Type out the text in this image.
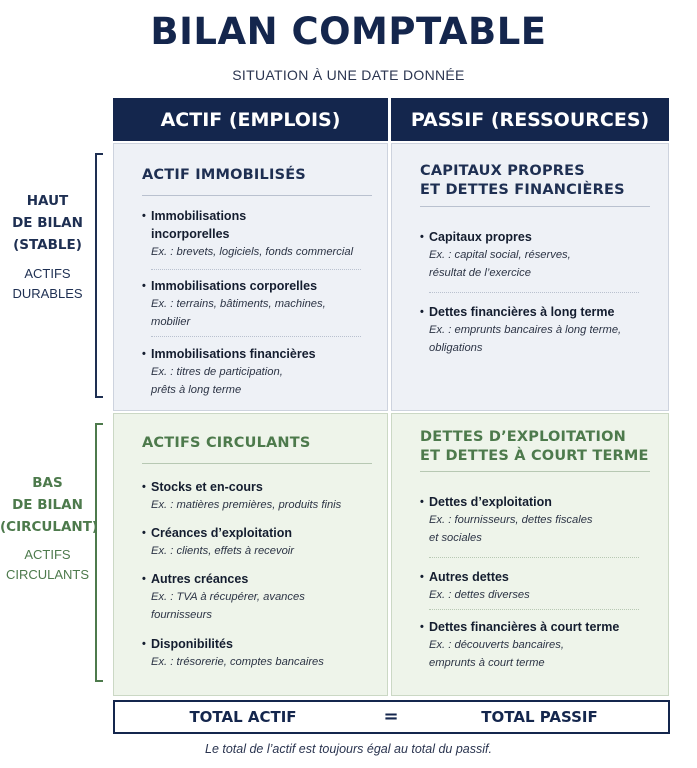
BILAN COMPTABLE
SITUATION À UNE DATE DONNÉE
ACTIF (EMPLOIS)	PASSIF (RESSOURCES)
HAUT
DE BILAN
(STABLE)
ACTIFS
DURABLES
BAS
DE BILAN
(CIRCULANT)
ACTIFS
CIRCULANTS
ACTIF IMMOBILISÉS
• Immobilisations
incorporelles
Ex. : brevets, logiciels, fonds commercial
• Immobilisations corporelles
Ex. : terrains, bâtiments, machines,
mobilier
• Immobilisations financières
Ex. : titres de participation,
prêts à long terme
CAPITAUX PROPRES
ET DETTES FINANCIÈRES
• Capitaux propres
Ex. : capital social, réserves,
résultat de l’exercice
• Dettes financières à long terme
Ex. : emprunts bancaires à long terme,
obligations
ACTIFS CIRCULANTS
• Stocks et en-cours
Ex. : matières premières, produits finis
• Créances d’exploitation
Ex. : clients, effets à recevoir
• Autres créances
Ex. : TVA à récupérer, avances
fournisseurs
• Disponibilités
Ex. : trésorerie, comptes bancaires
DETTES D’EXPLOITATION
ET DETTES À COURT TERME
• Dettes d’exploitation
Ex. : fournisseurs, dettes fiscales
et sociales
• Autres dettes
Ex. : dettes diverses
• Dettes financières à court terme
Ex. : découverts bancaires,
emprunts à court terme
TOTAL ACTIF	=	TOTAL PASSIF
Le total de l’actif est toujours égal au total du passif.
